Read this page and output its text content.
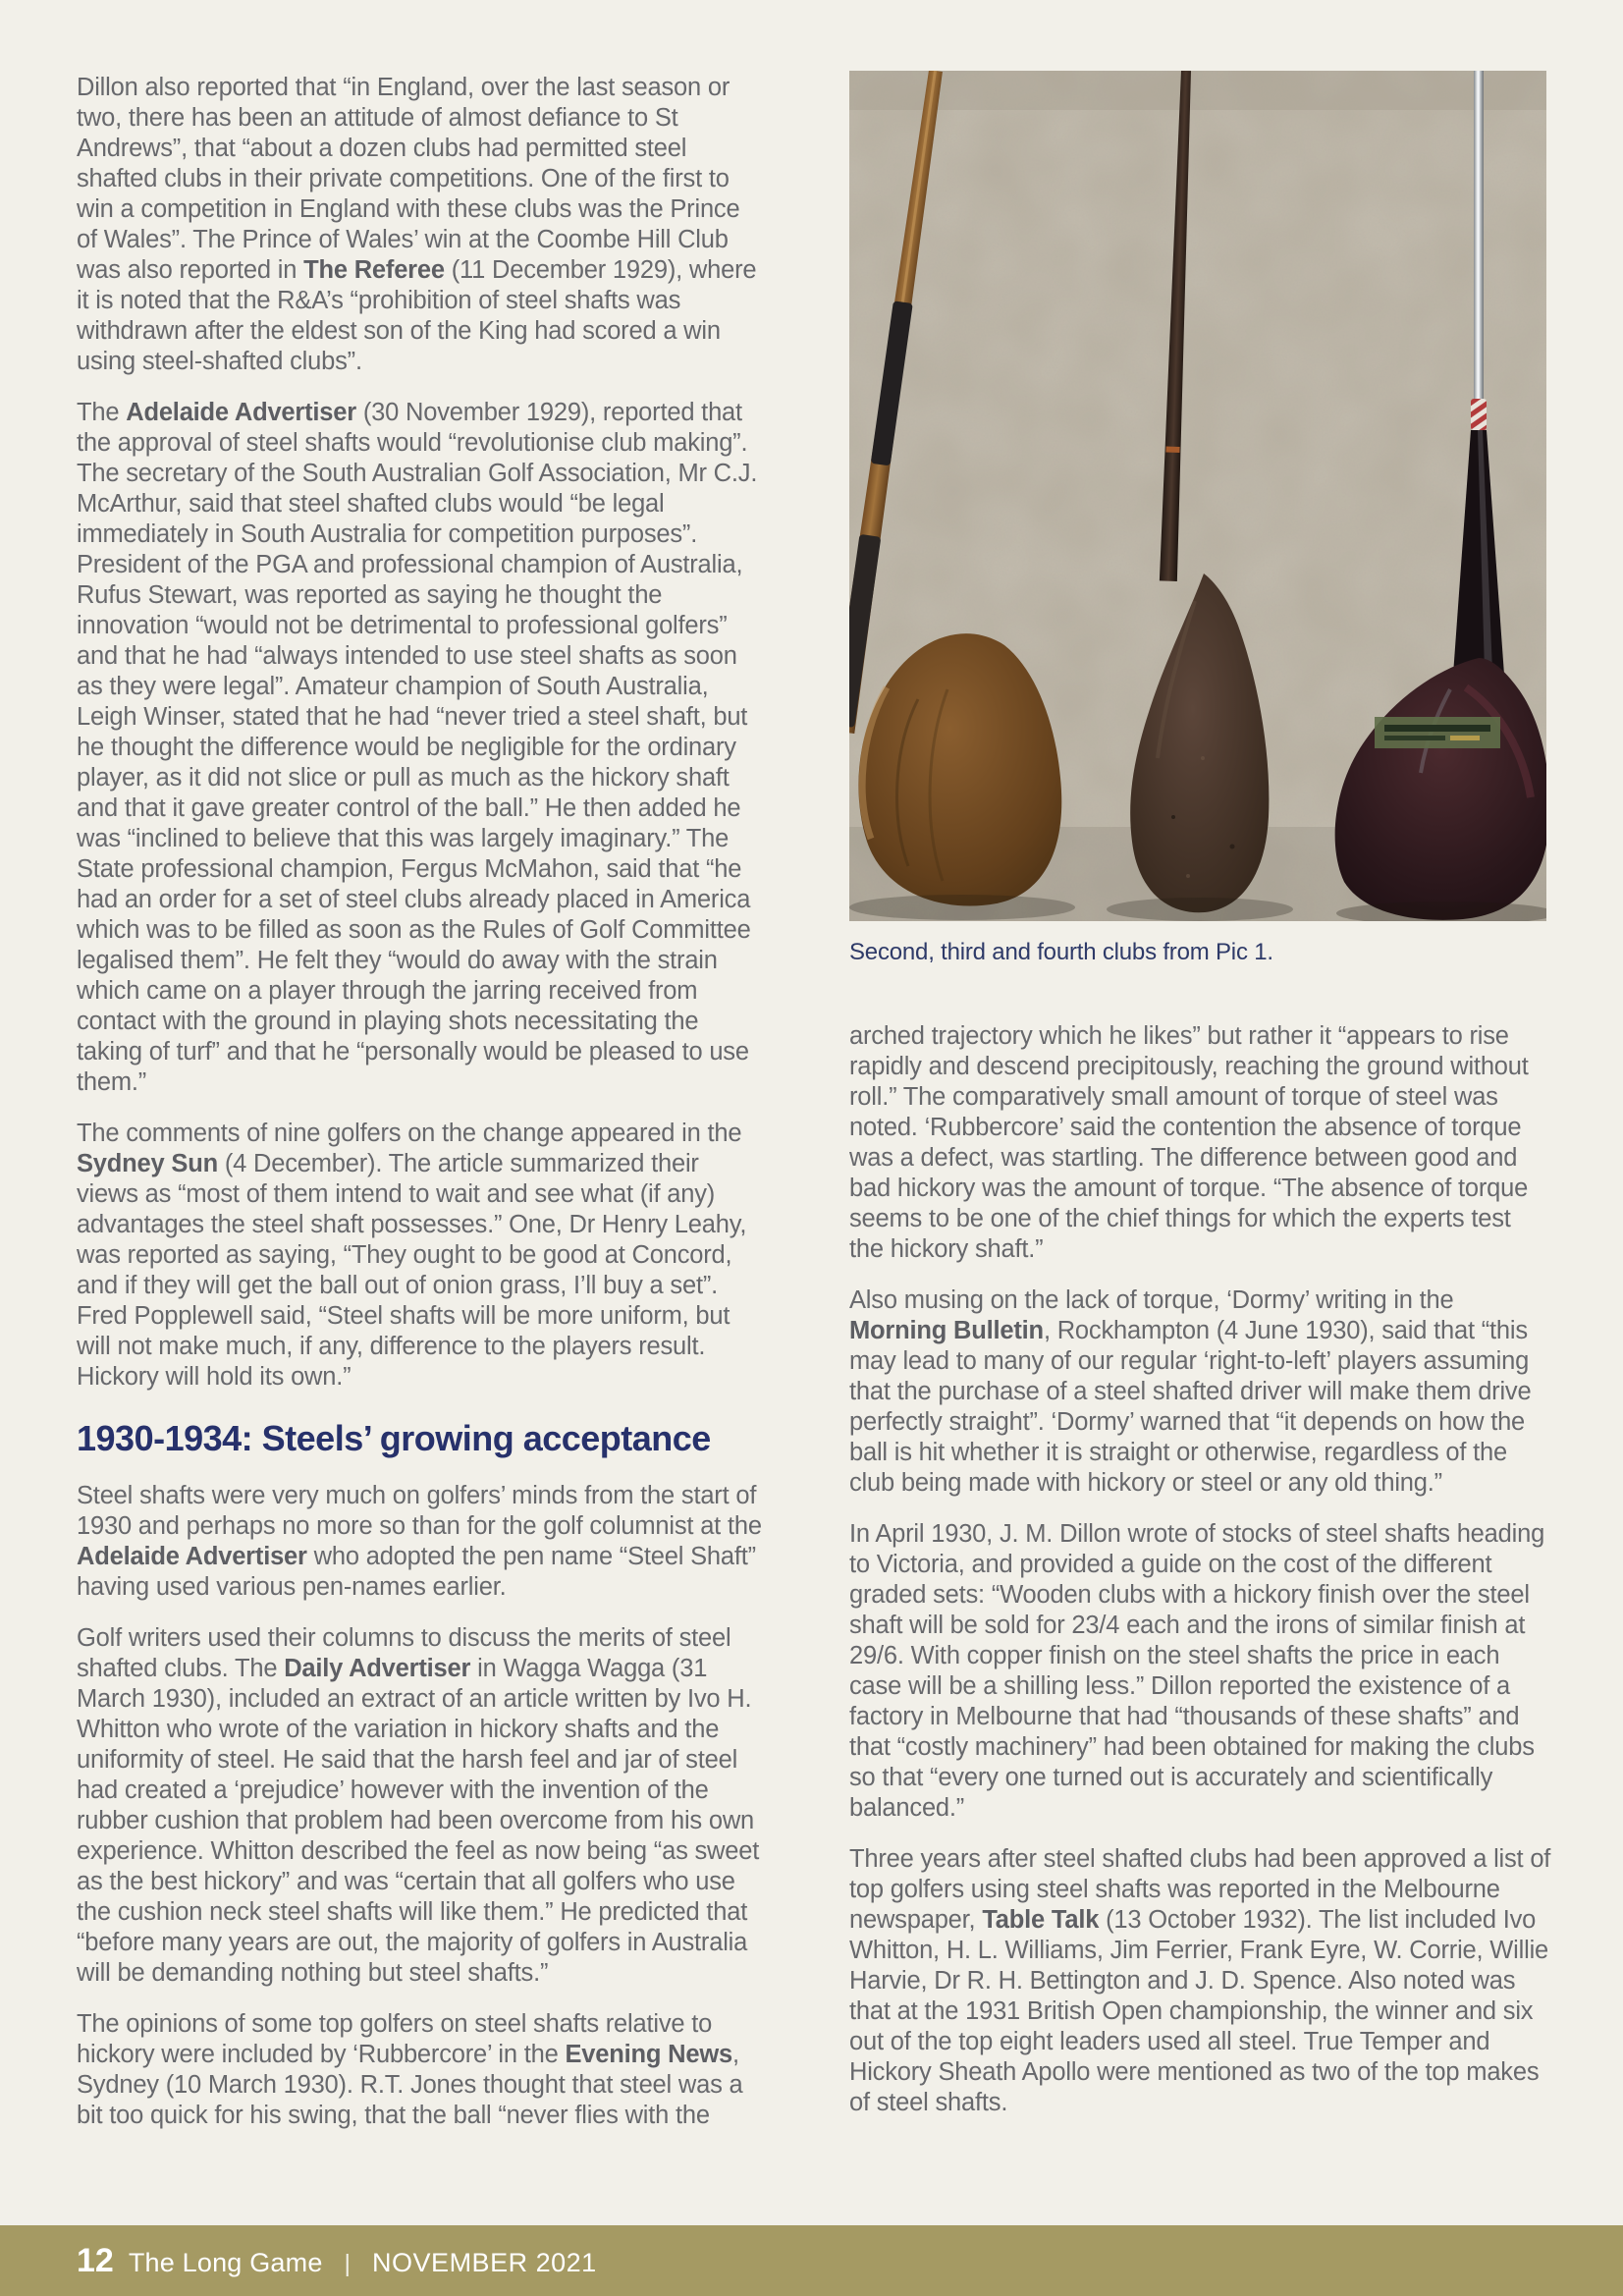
Dillon also reported that “in England, over the last season or two, there has been an attitude of almost defiance to St Andrews”, that “about a dozen clubs had permitted steel shafted clubs in their private competitions. One of the first to win a competition in England with these clubs was the Prince of Wales”. The Prince of Wales’ win at the Coombe Hill Club was also reported in The Referee (11 December 1929), where it is noted that the R&A’s “prohibition of steel shafts was withdrawn after the eldest son of the King had scored a win using steel-shafted clubs”.

The Adelaide Advertiser (30 November 1929), reported that the approval of steel shafts would “revolutionise club making”. The secretary of the South Australian Golf Association, Mr C.J. McArthur, said that steel shafted clubs would “be legal immediately in South Australia for competition purposes”. President of the PGA and professional champion of Australia, Rufus Stewart, was reported as saying he thought the innovation “would not be detrimental to professional golfers” and that he had “always intended to use steel shafts as soon as they were legal”. Amateur champion of South Australia, Leigh Winser, stated that he had “never tried a steel shaft, but he thought the difference would be negligible for the ordinary player, as it did not slice or pull as much as the hickory shaft and that it gave greater control of the ball.” He then added he was “inclined to believe that this was largely imaginary.” The State professional champion, Fergus McMahon, said that “he had an order for a set of steel clubs already placed in America which was to be filled as soon as the Rules of Golf Committee legalised them”. He felt they “would do away with the strain which came on a player through the jarring received from contact with the ground in playing shots necessitating the taking of turf” and that he “personally would be pleased to use them.”

The comments of nine golfers on the change appeared in the Sydney Sun (4 December). The article summarized their views as “most of them intend to wait and see what (if any) advantages the steel shaft possesses.” One, Dr Henry Leahy, was reported as saying, “They ought to be good at Concord, and if they will get the ball out of onion grass, I’ll buy a set”. Fred Popplewell said, “Steel shafts will be more uniform, but will not make much, if any, difference to the players result. Hickory will hold its own.”

1930-1934: Steels’ growing acceptance

Steel shafts were very much on golfers’ minds from the start of 1930 and perhaps no more so than for the golf columnist at the Adelaide Advertiser who adopted the pen name “Steel Shaft” having used various pen-names earlier.

Golf writers used their columns to discuss the merits of steel shafted clubs. The Daily Advertiser in Wagga Wagga (31 March 1930), included an extract of an article written by Ivo H. Whitton who wrote of the variation in hickory shafts and the uniformity of steel. He said that the harsh feel and jar of steel had created a ‘prejudice’ however with the invention of the rubber cushion that problem had been overcome from his own experience. Whitton described the feel as now being “as sweet as the best hickory” and was “certain that all golfers who use the cushion neck steel shafts will like them.” He predicted that “before many years are out, the majority of golfers in Australia will be demanding nothing but steel shafts.”

The opinions of some top golfers on steel shafts relative to hickory were included by ‘Rubbercore’ in the Evening News, Sydney (10 March 1930). R.T. Jones thought that steel was a bit too quick for his swing, that the ball “never flies with the

Second, third and fourth clubs from Pic 1.

arched trajectory which he likes” but rather it “appears to rise rapidly and descend precipitously, reaching the ground without roll.” The comparatively small amount of torque of steel was noted. ‘Rubbercore’ said the contention the absence of torque was a defect, was startling. The difference between good and bad hickory was the amount of torque. “The absence of torque seems to be one of the chief things for which the experts test the hickory shaft.”

Also musing on the lack of torque, ‘Dormy’ writing in the Morning Bulletin, Rockhampton (4 June 1930), said that “this may lead to many of our regular ‘right-to-left’ players assuming that the purchase of a steel shafted driver will make them drive perfectly straight”. ‘Dormy’ warned that “it depends on how the ball is hit whether it is straight or otherwise, regardless of the club being made with hickory or steel or any old thing.”

In April 1930, J. M. Dillon wrote of stocks of steel shafts heading to Victoria, and provided a guide on the cost of the different graded sets: “Wooden clubs with a hickory finish over the steel shaft will be sold for 23/4 each and the irons of similar finish at 29/6. With copper finish on the steel shafts the price in each case will be a shilling less.” Dillon reported the existence of a factory in Melbourne that had “thousands of these shafts” and that “costly machinery” had been obtained for making the clubs so that “every one turned out is accurately and scientifically balanced.”

Three years after steel shafted clubs had been approved a list of top golfers using steel shafts was reported in the Melbourne newspaper, Table Talk (13 October 1932). The list included Ivo Whitton, H. L. Williams, Jim Ferrier, Frank Eyre, W. Corrie, Willie Harvie, Dr R. H. Bettington and J. D. Spence. Also noted was that at the 1931 British Open championship, the winner and six out of the top eight leaders used all steel. True Temper and Hickory Sheath Apollo were mentioned as two of the top makes of steel shafts.

12 The Long Game | NOVEMBER 2021
